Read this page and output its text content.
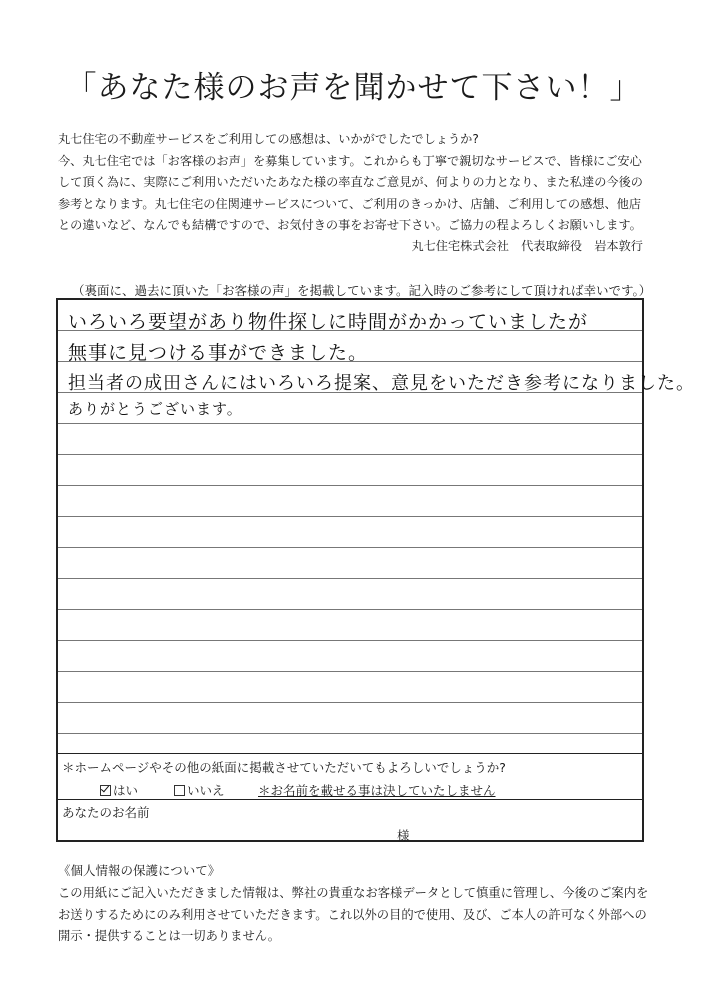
「あなた様のお声を聞かせて下さい！」

丸七住宅の不動産サービスをご利用しての感想は、いかがでしたでしょうか?

今、丸七住宅では「お客様のお声」を募集しています。これからも丁寧で親切なサービスで、皆様にご安心

して頂く為に、実際にご利用いただいたあなた様の率直なご意見が、何よりの力となり、また私達の今後の

参考となります。丸七住宅の住関連サービスについて、ご利用のきっかけ、店舗、ご利用しての感想、他店

との違いなど、なんでも結構ですので、お気付きの事をお寄せ下さい。ご協力の程よろしくお願いします。

丸七住宅株式会社　代表取締役　岩本敦行

（裏面に、過去に頂いた「お客様の声」を掲載しています。記入時のご参考にして頂ければ幸いです。）

いろいろ要望があり物件探しに時間がかかっていましたが
無事に見つける事ができました。
担当者の成田さんにはいろいろ提案、意見をいただき参考になりました。
ありがとうございます。
＊ホームページやその他の紙面に掲載させていただいてもよろしいでしょうか?
はい	いいえ	＊お名前を載せる事は決していたしません
あなたのお名前
様

《個人情報の保護について》

この用紙にご記入いただきました情報は、弊社の貴重なお客様データとして慎重に管理し、今後のご案内を

お送りするためにのみ利用させていただきます。これ以外の目的で使用、及び、ご本人の許可なく外部への

開示・提供することは一切ありません。
